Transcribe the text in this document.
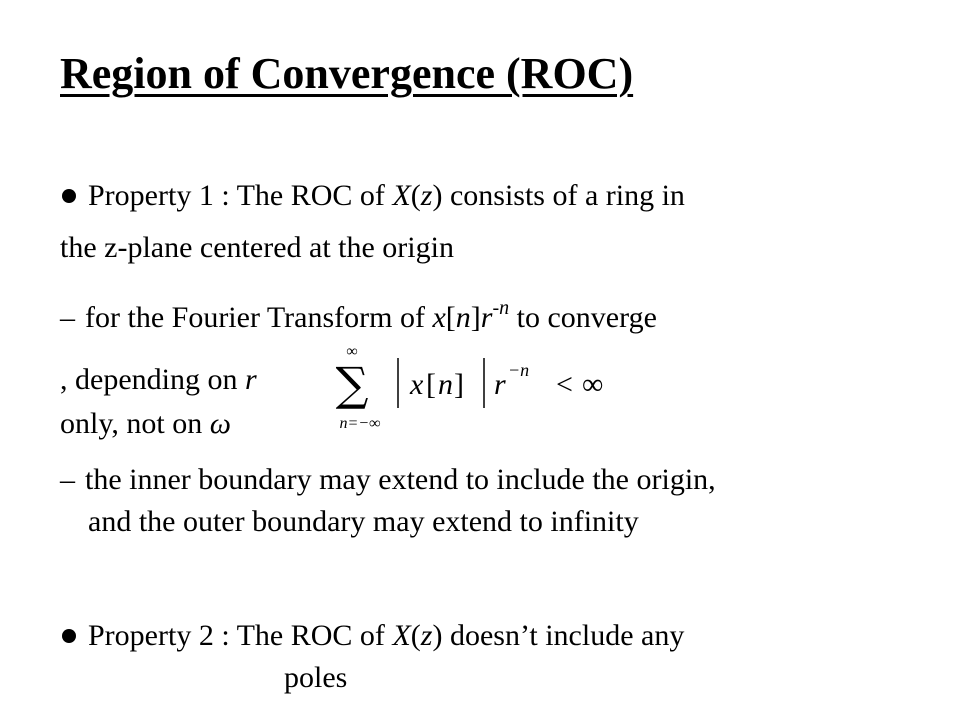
Region of Convergence (ROC)
Property 1 : The ROC of X(z) consists of a ring in
the z-plane centered at the origin
– for the Fourier Transform of $x[n]r^{-n}$ to converge
, depending on r
only, not on ω
∞
∑
n=−∞
x [ n ] r −n < ∞
– the inner boundary may extend to include the origin,
and the outer boundary may extend to infinity
Property 2 : The ROC of X(z) doesn’t include any
poles
